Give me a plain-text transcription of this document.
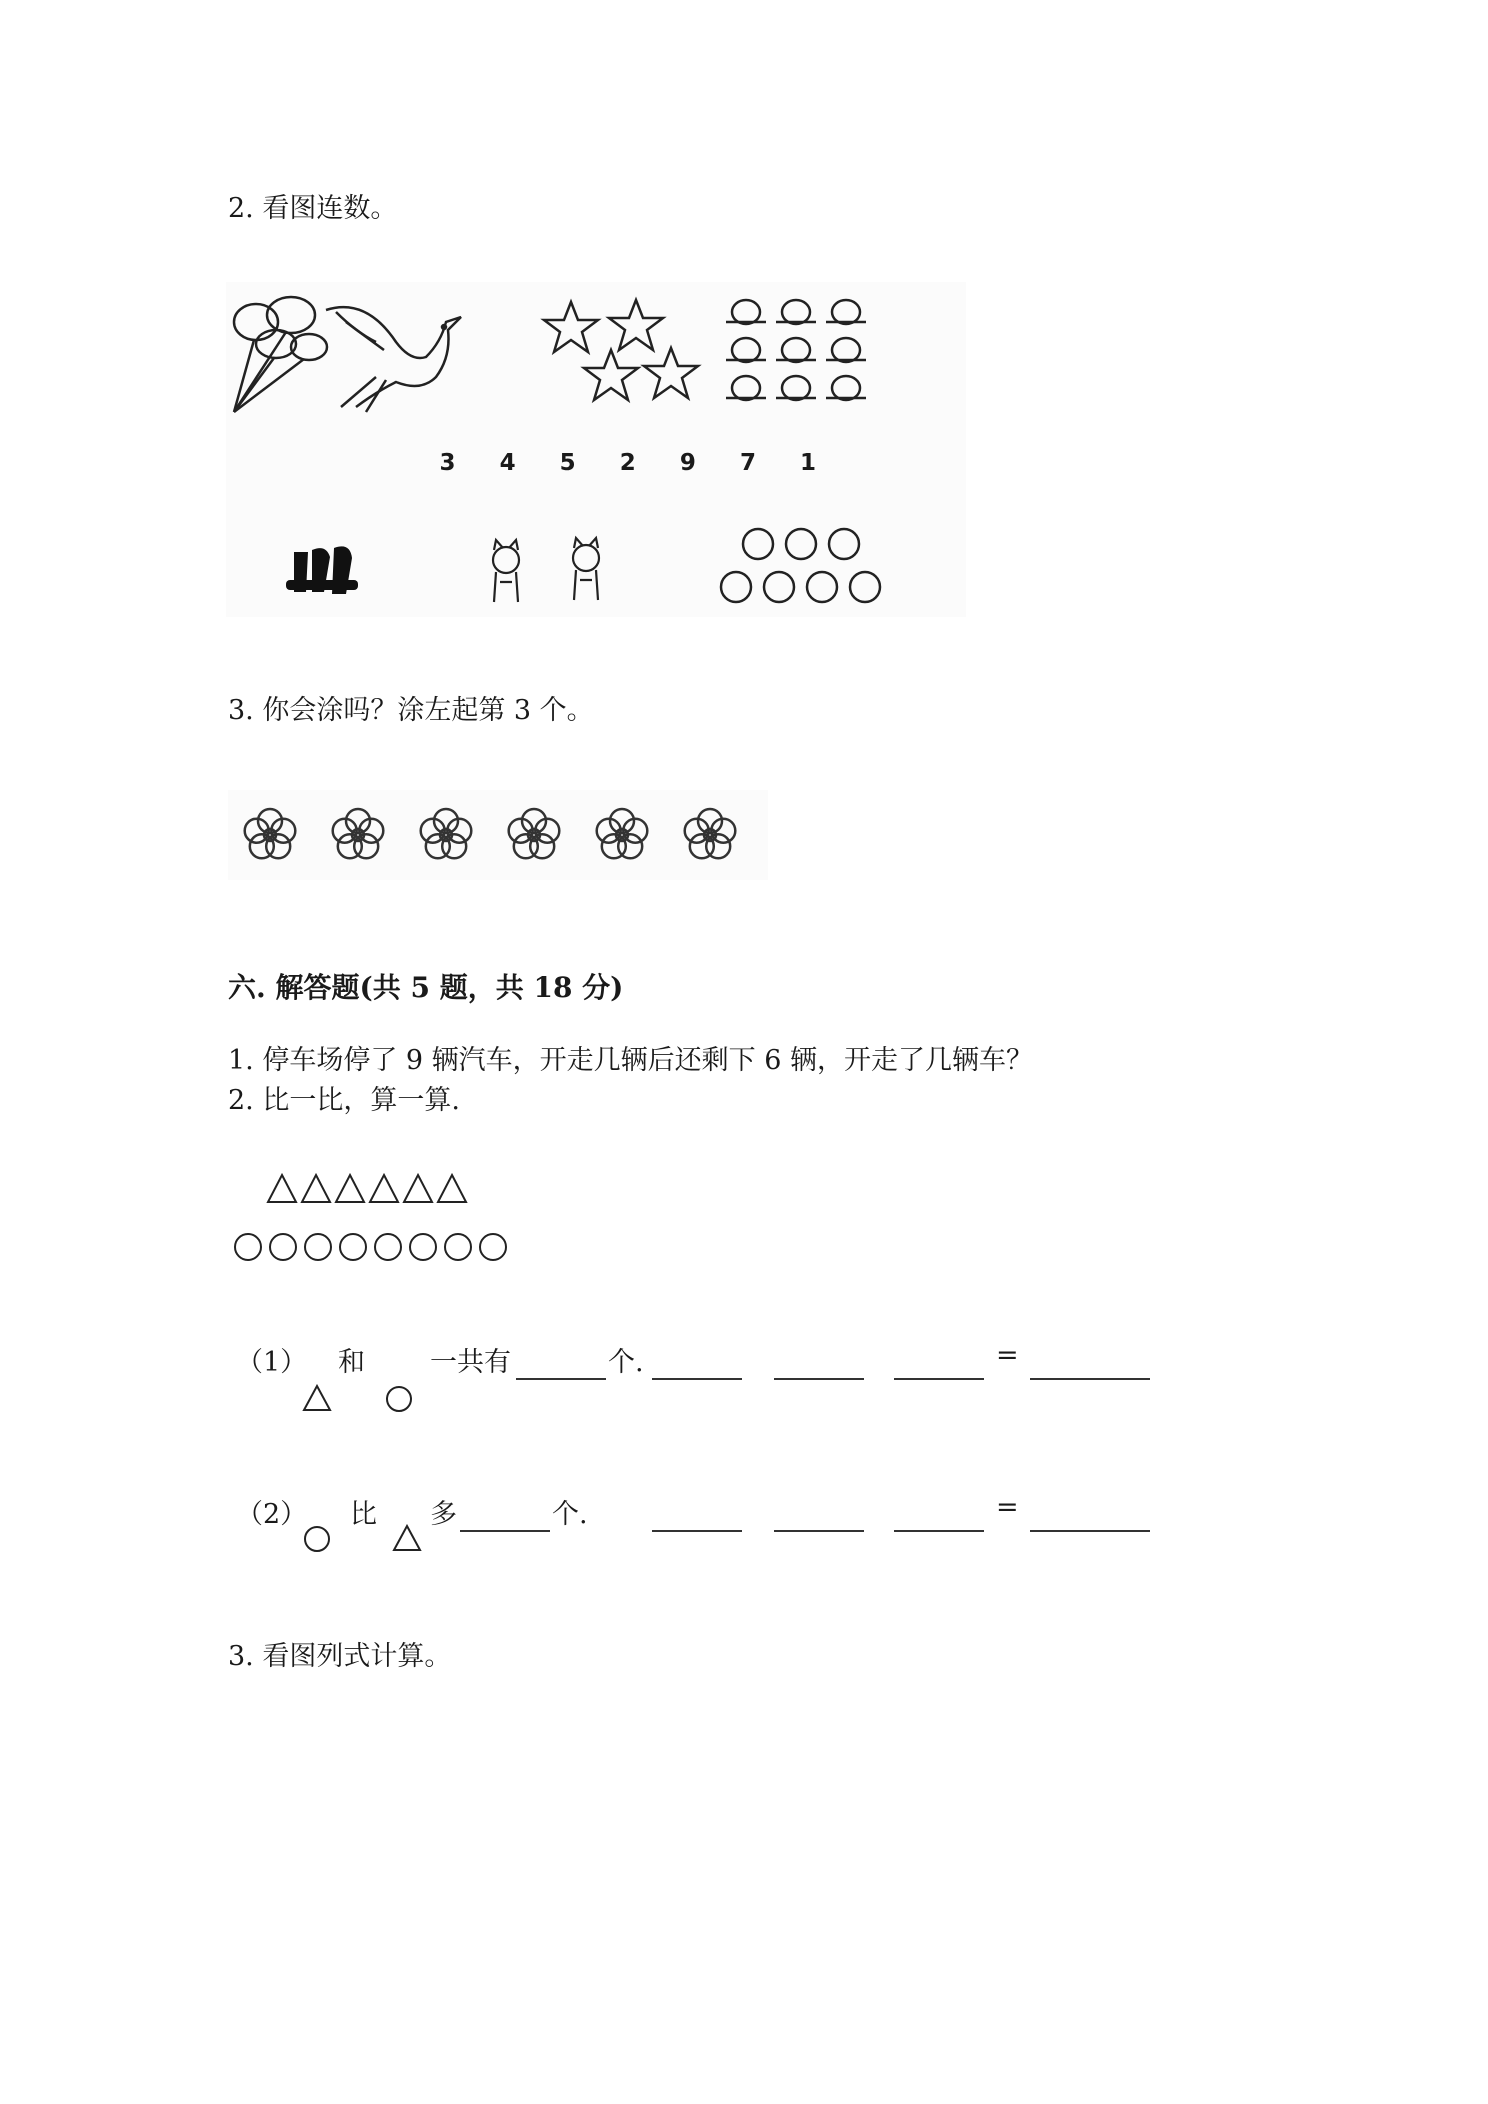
2. 看图连数。
3 4 5 2 9 7 1
3. 你会涂吗？涂左起第 3 个。
六. 解答题(共 5 题，共 18 分)
1. 停车场停了 9 辆汽车，开走几辆后还剩下 6 辆，开走了几辆车？
2. 比一比，算一算.
（1） 和 一共有	个.	=
（2） 比 多	个.	=
3. 看图列式计算。
